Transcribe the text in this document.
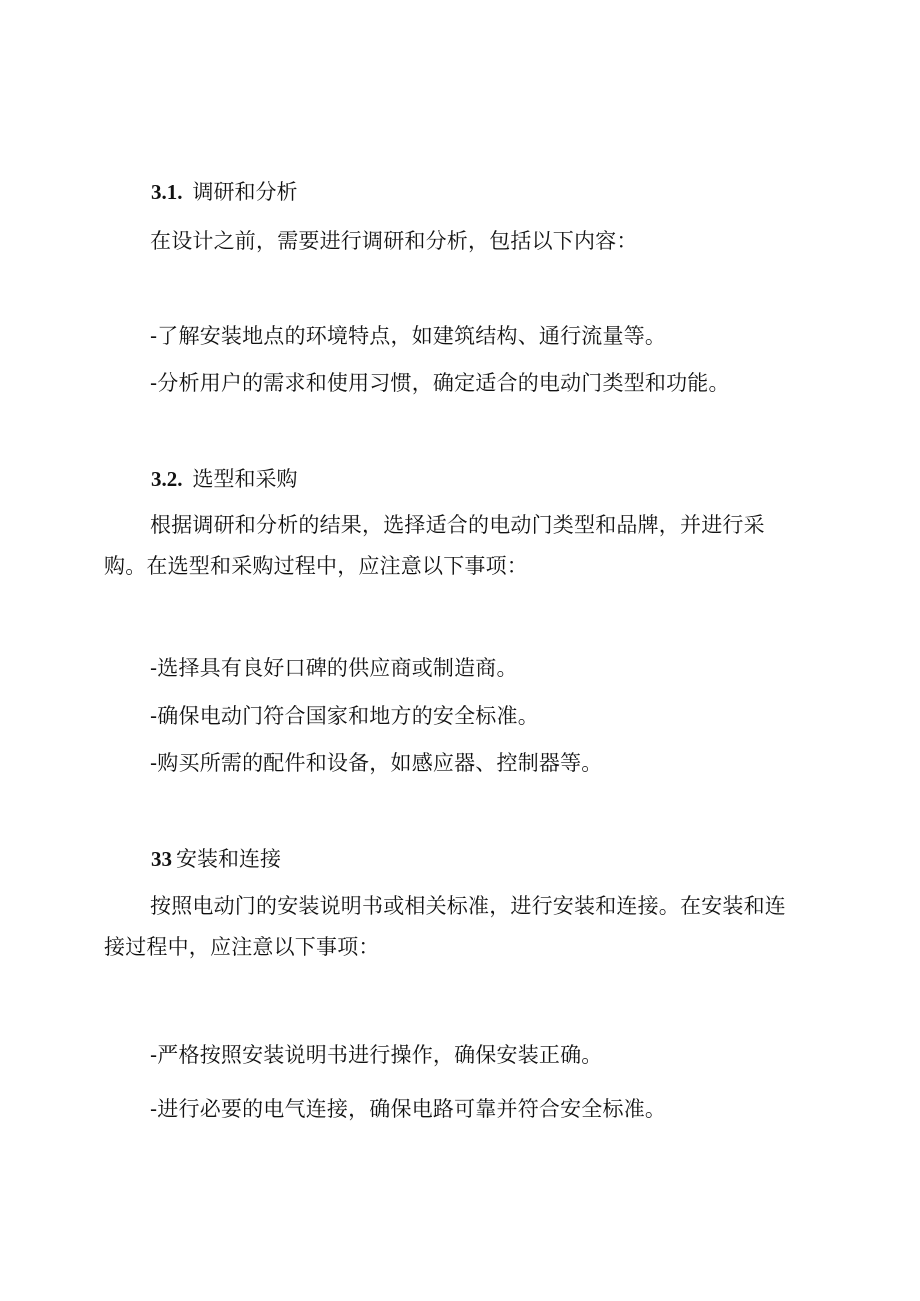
3.1. 调研和分析
在设计之前，需要进行调研和分析，包括以下内容：
-了解安装地点的环境特点，如建筑结构、通行流量等。
-分析用户的需求和使用习惯，确定适合的电动门类型和功能。
3.2. 选型和采购
根据调研和分析的结果，选择适合的电动门类型和品牌，并进行采购。在选型和采购过程中，应注意以下事项：
-选择具有良好口碑的供应商或制造商。
-确保电动门符合国家和地方的安全标准。
-购买所需的配件和设备，如感应器、控制器等。
33 安装和连接
按照电动门的安装说明书或相关标准，进行安装和连接。在安装和连接过程中，应注意以下事项：
-严格按照安装说明书进行操作，确保安装正确。
-进行必要的电气连接，确保电路可靠并符合安全标准。
